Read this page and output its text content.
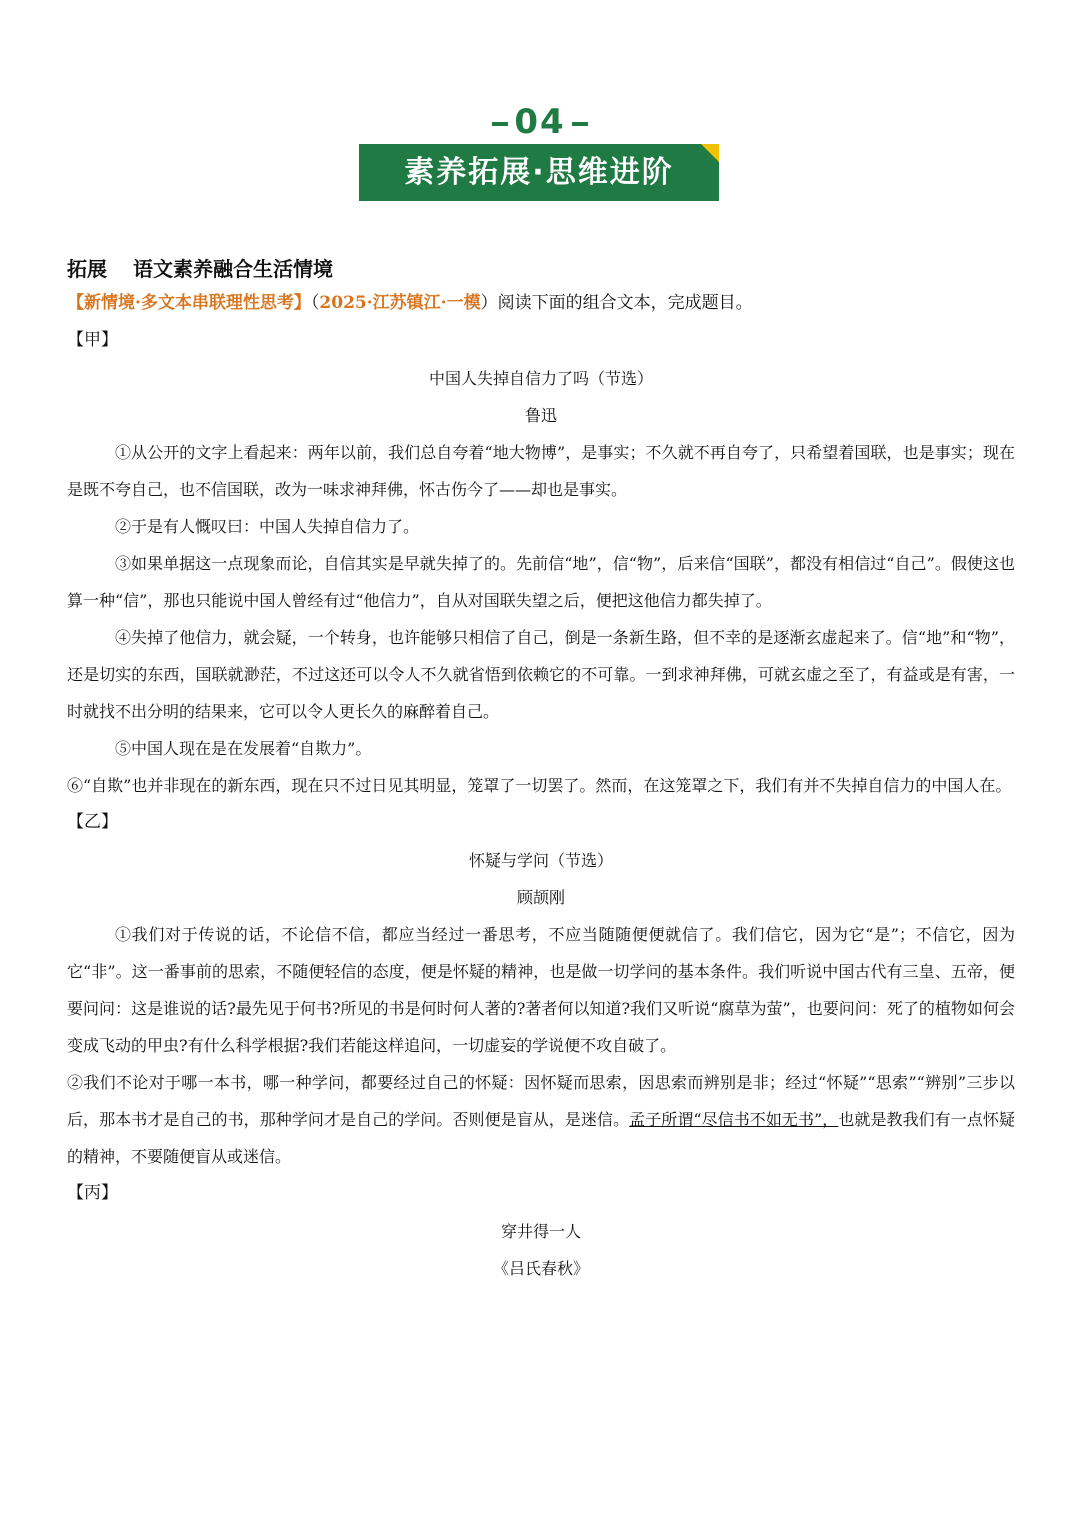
04
素养拓展·思维进阶
拓展 语文素养融合生活情境
【新情境·多文本串联理性思考】（2025·江苏镇江·一模）阅读下面的组合文本，完成题目。
【甲】
中国人失掉自信力了吗（节选）
鲁迅

①从公开的文字上看起来：两年以前，我们总自夸着“地大物博”，是事实；不久就不再自夸了，只希望着国联，也是事实；现在是既不夸自己，也不信国联，改为一味求神拜佛，怀古伤今了——却也是事实。

②于是有人慨叹曰：中国人失掉自信力了。

③如果单据这一点现象而论，自信其实是早就失掉了的。先前信“地”，信“物”，后来信“国联”，都没有相信过“自己”。假使这也算一种“信”，那也只能说中国人曾经有过“他信力”，自从对国联失望之后，便把这他信力都失掉了。

④失掉了他信力，就会疑，一个转身，也许能够只相信了自己，倒是一条新生路，但不幸的是逐渐玄虚起来了。信“地”和“物”，还是切实的东西，国联就渺茫，不过这还可以令人不久就省悟到依赖它的不可靠。一到求神拜佛，可就玄虚之至了，有益或是有害，一时就找不出分明的结果来，它可以令人更长久的麻醉着自己。

⑤中国人现在是在发展着“自欺力”。

⑥“自欺”也并非现在的新东西，现在只不过日见其明显，笼罩了一切罢了。然而，在这笼罩之下，我们有并不失掉自信力的中国人在。

【乙】
怀疑与学问（节选）
顾颉刚

①我们对于传说的话，不论信不信，都应当经过一番思考，不应当随随便便就信了。我们信它，因为它“是”；不信它，因为它“非”。这一番事前的思索，不随便轻信的态度，便是怀疑的精神，也是做一切学问的基本条件。我们听说中国古代有三皇、五帝，便要问问：这是谁说的话?最先见于何书?所见的书是何时何人著的?著者何以知道?我们又听说“腐草为萤”，也要问问：死了的植物如何会变成飞动的甲虫?有什么科学根据?我们若能这样追问，一切虚妄的学说便不攻自破了。

②我们不论对于哪一本书，哪一种学问，都要经过自己的怀疑：因怀疑而思索，因思索而辨别是非；经过“怀疑”“思索”“辨别”三步以后，那本书才是自己的书，那种学问才是自己的学问。否则便是盲从，是迷信。孟子所谓“尽信书不如无书”，也就是教我们有一点怀疑的精神，不要随便盲从或迷信。

【丙】
穿井得一人
《吕氏春秋》
